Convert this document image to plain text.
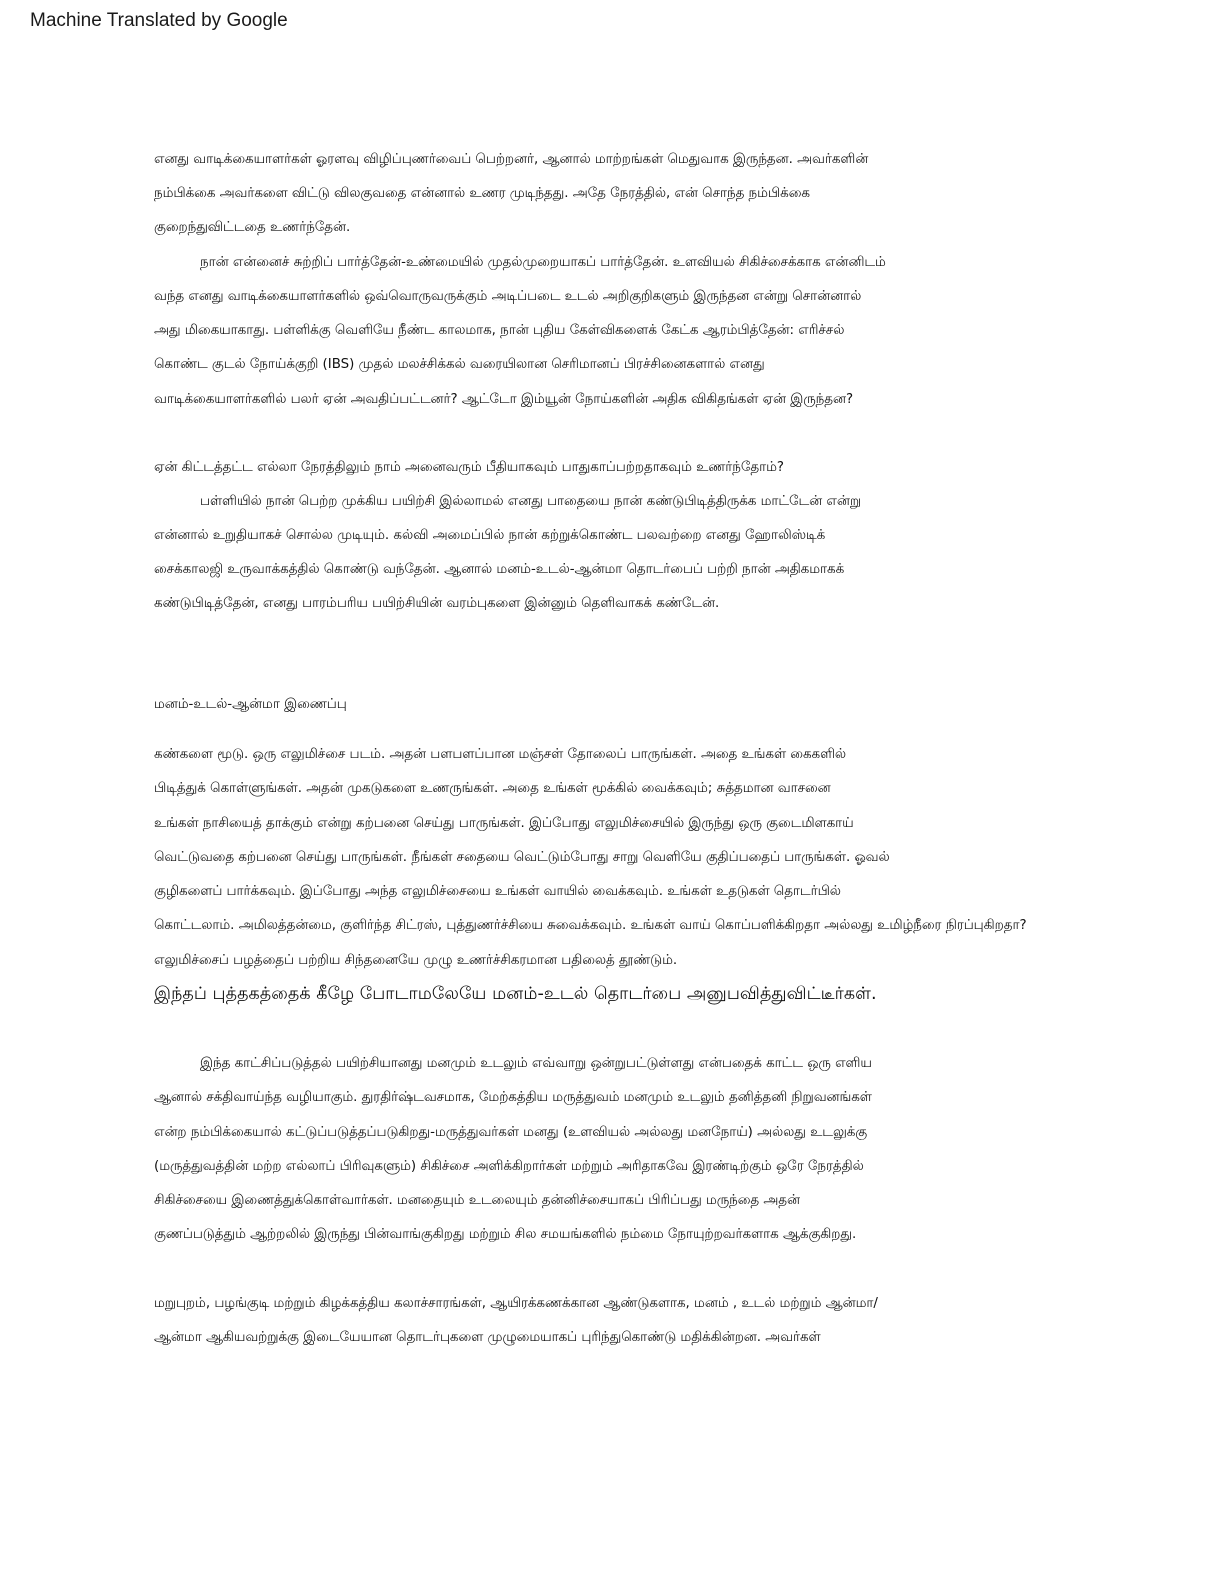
Machine Translated by Google
எனது வாடிக்கையாளர்கள் ஓரளவு விழிப்புணர்வைப் பெற்றனர், ஆனால் மாற்றங்கள் மெதுவாக இருந்தன. அவர்களின்
நம்பிக்கை அவர்களை விட்டு விலகுவதை என்னால் உணர முடிந்தது. அதே நேரத்தில், என் சொந்த நம்பிக்கை
குறைந்துவிட்டதை உணர்ந்தேன்.
நான் என்னைச் சுற்றிப் பார்த்தேன்-உண்மையில் முதல்முறையாகப் பார்த்தேன். உளவியல் சிகிச்சைக்காக என்னிடம்
வந்த எனது வாடிக்கையாளர்களில் ஒவ்வொருவருக்கும் அடிப்படை உடல் அறிகுறிகளும் இருந்தன என்று சொன்னால்
அது மிகையாகாது. பள்ளிக்கு வெளியே நீண்ட காலமாக, நான் புதிய கேள்விகளைக் கேட்க ஆரம்பித்தேன்: எரிச்சல்
கொண்ட குடல் நோய்க்குறி (IBS) முதல் மலச்சிக்கல் வரையிலான செரிமானப் பிரச்சினைகளால் எனது
வாடிக்கையாளர்களில் பலர் ஏன் அவதிப்பட்டனர்? ஆட்டோ இம்யூன் நோய்களின் அதிக விகிதங்கள் ஏன் இருந்தன?
ஏன் கிட்டத்தட்ட எல்லா நேரத்திலும் நாம் அனைவரும் பீதியாகவும் பாதுகாப்பற்றதாகவும் உணர்ந்தோம்?
பள்ளியில் நான் பெற்ற முக்கிய பயிற்சி இல்லாமல் எனது பாதையை நான் கண்டுபிடித்திருக்க மாட்டேன் என்று
என்னால் உறுதியாகச் சொல்ல முடியும். கல்வி அமைப்பில் நான் கற்றுக்கொண்ட பலவற்றை எனது ஹோலிஸ்டிக்
சைக்காலஜி உருவாக்கத்தில் கொண்டு வந்தேன். ஆனால் மனம்-உடல்-ஆன்மா தொடர்பைப் பற்றி நான் அதிகமாகக்
கண்டுபிடித்தேன், எனது பாரம்பரிய பயிற்சியின் வரம்புகளை இன்னும் தெளிவாகக் கண்டேன்.
மனம்-உடல்-ஆன்மா இணைப்பு
கண்களை மூடு. ஒரு எலுமிச்சை படம். அதன் பளபளப்பான மஞ்சள் தோலைப் பாருங்கள். அதை உங்கள் கைகளில்
பிடித்துக் கொள்ளுங்கள். அதன் முகடுகளை உணருங்கள். அதை உங்கள் மூக்கில் வைக்கவும்; சுத்தமான வாசனை
உங்கள் நாசியைத் தாக்கும் என்று கற்பனை செய்து பாருங்கள். இப்போது எலுமிச்சையில் இருந்து ஒரு குடைமிளகாய்
வெட்டுவதை கற்பனை செய்து பாருங்கள். நீங்கள் சதையை வெட்டும்போது சாறு வெளியே குதிப்பதைப் பாருங்கள். ஓவல்
குழிகளைப் பார்க்கவும். இப்போது அந்த எலுமிச்சையை உங்கள் வாயில் வைக்கவும். உங்கள் உதடுகள் தொடர்பில்
கொட்டலாம். அமிலத்தன்மை, குளிர்ந்த சிட்ரஸ், புத்துணர்ச்சியை சுவைக்கவும். உங்கள் வாய் கொப்பளிக்கிறதா அல்லது உமிழ்நீரை நிரப்புகிறதா?
எலுமிச்சைப் பழத்தைப் பற்றிய சிந்தனையே முழு உணர்ச்சிகரமான பதிலைத் தூண்டும்.
இந்தப் புத்தகத்தைக் கீழே போடாமலேயே மனம்-உடல் தொடர்பை அனுபவித்துவிட்டீர்கள்.
இந்த காட்சிப்படுத்தல் பயிற்சியானது மனமும் உடலும் எவ்வாறு ஒன்றுபட்டுள்ளது என்பதைக் காட்ட ஒரு எளிய
ஆனால் சக்திவாய்ந்த வழியாகும். துரதிர்ஷ்டவசமாக, மேற்கத்திய மருத்துவம் மனமும் உடலும் தனித்தனி நிறுவனங்கள்
என்ற நம்பிக்கையால் கட்டுப்படுத்தப்படுகிறது-மருத்துவர்கள் மனது (உளவியல் அல்லது மனநோய்) அல்லது உடலுக்கு
(மருத்துவத்தின் மற்ற எல்லாப் பிரிவுகளும்) சிகிச்சை அளிக்கிறார்கள் மற்றும் அரிதாகவே இரண்டிற்கும் ஒரே நேரத்தில்
சிகிச்சையை இணைத்துக்கொள்வார்கள். மனதையும் உடலையும் தன்னிச்சையாகப் பிரிப்பது மருந்தை அதன்
குணப்படுத்தும் ஆற்றலில் இருந்து பின்வாங்குகிறது மற்றும் சில சமயங்களில் நம்மை நோயுற்றவர்களாக ஆக்குகிறது.
மறுபுறம், பழங்குடி மற்றும் கிழக்கத்திய கலாச்சாரங்கள், ஆயிரக்கணக்கான ஆண்டுகளாக, மனம் , உடல் மற்றும் ஆன்மா/
ஆன்மா ஆகியவற்றுக்கு இடையேயான தொடர்புகளை முழுமையாகப் புரிந்துகொண்டு மதிக்கின்றன. அவர்கள்
